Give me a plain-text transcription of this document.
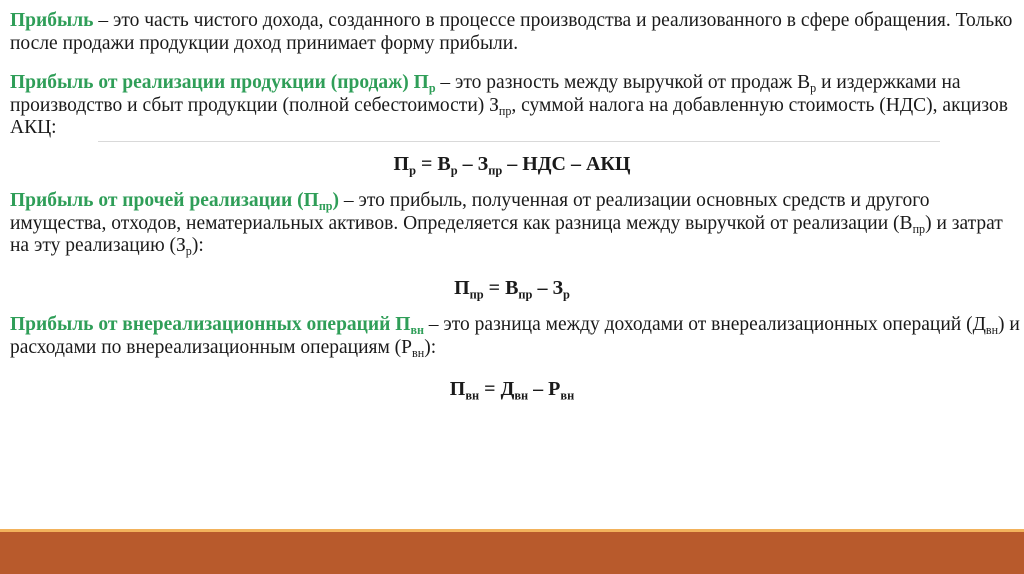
Прибыль – это часть чистого дохода, созданного в процессе производства и реализованного в сфере обращения. Только после продажи продукции доход принимает форму прибыли.

Прибыль от реализации продукции (продаж) $П_р$ – это разность между выручкой от продаж $В_р$ и издержками на производство и сбыт продукции (полной себестоимости) $З_{пр}$, суммой налога на добавленную стоимость (НДС), акцизов АКЦ:

$П_р = В_р - З_{пр}$ – НДС – АКЦ

Прибыль от прочей реализации $(П_{пр})$ – это прибыль, полученная от реализации основных средств и другого имущества, отходов, нематериальных активов. Определяется как разница между выручкой от реализации $(В_{пр})$ и затрат на эту реализацию $(З_р)$:

$П_{пр} = В_{пр} - З_р$

Прибыль от внереализационных операций $П_{вн}$ – это разница между доходами от внереализационных операций $(Д_{вн})$ и расходами по внереализационным операциям $(Р_{вн})$:

$П_{вн} = Д_{вн} - Р_{вн}$
